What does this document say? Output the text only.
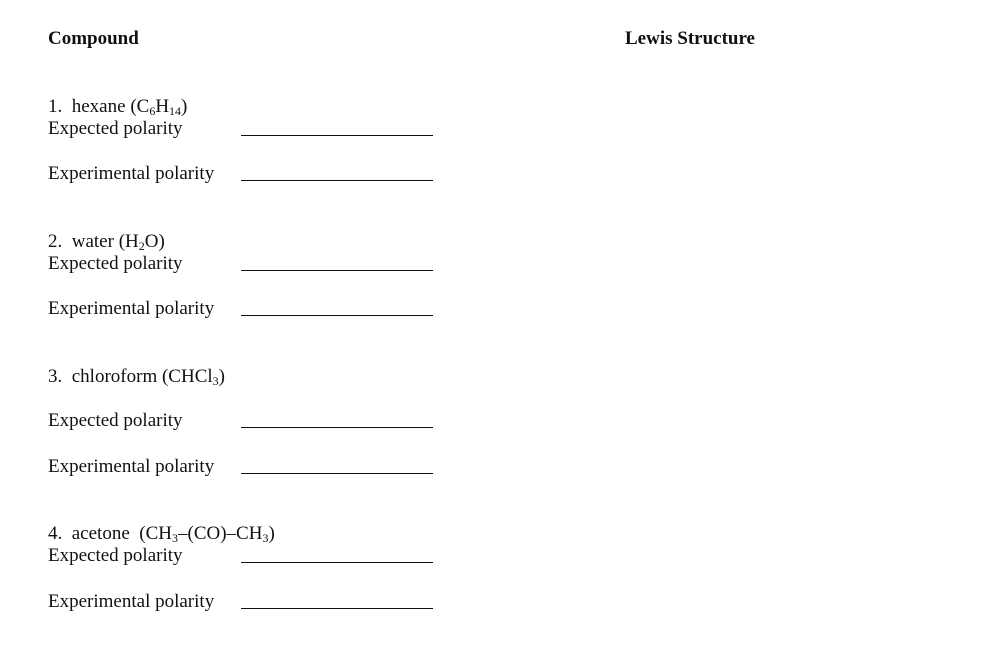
Compound	Lewis Structure
1. hexane $(C_6H_{14})$
Expected polarity
Experimental polarity
2. water $(H_2O)$
Expected polarity
Experimental polarity
3. chloroform (CHCl$_3$)
Expected polarity
Experimental polarity
4. acetone $(CH_3-(CO)-CH_3)$
Expected polarity
Experimental polarity
